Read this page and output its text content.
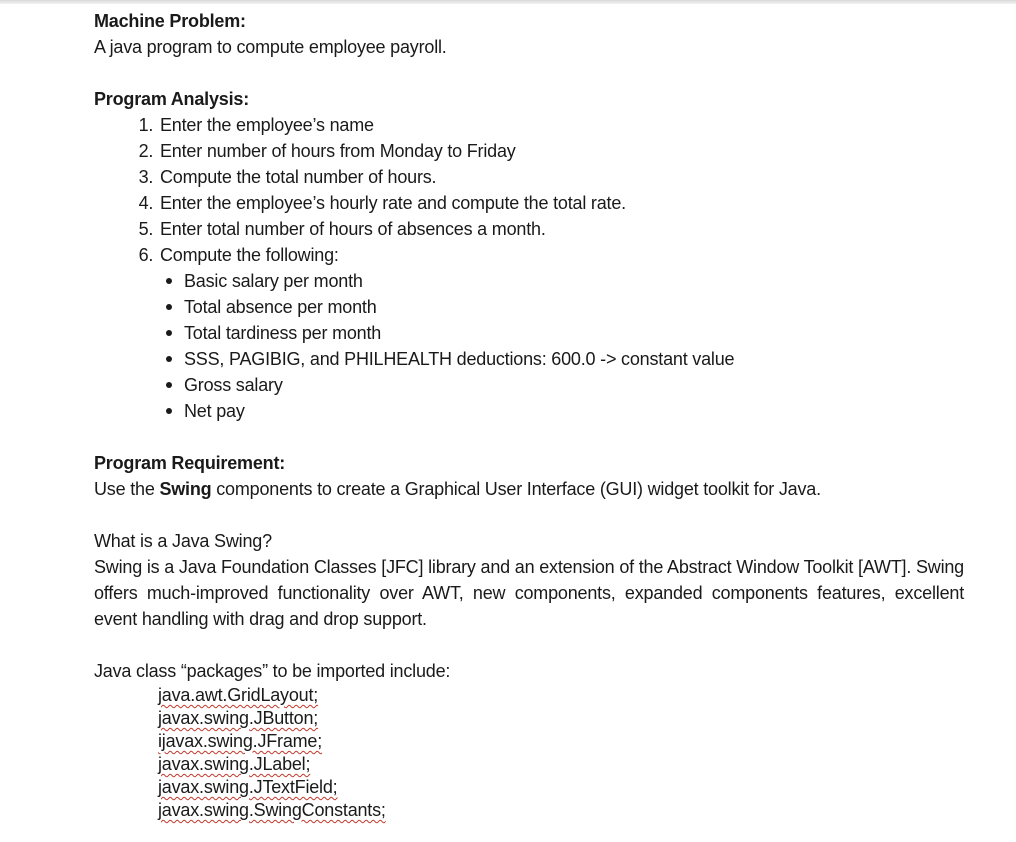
Machine Problem:

A java program to compute employee payroll.

Program Analysis:

1. Enter the employee’s name
2. Enter number of hours from Monday to Friday
3. Compute the total number of hours.
4. Enter the employee’s hourly rate and compute the total rate.
5. Enter total number of hours of absences a month.
6. Compute the following:
Basic salary per month
Total absence per month
Total tardiness per month
SSS, PAGIBIG, and PHILHEALTH deductions: 600.0 -> constant value
Gross salary
Net pay

Program Requirement:

Use the Swing components to create a Graphical User Interface (GUI) widget toolkit for Java.

What is a Java Swing?

Swing is a Java Foundation Classes [JFC] library and an extension of the Abstract Window Toolkit [AWT]. Swing offers much-improved functionality over AWT, new components, expanded components features, excellent event handling with drag and drop support.

Java class “packages” to be imported include:

java.awt.GridLayout;
javax.swing.JButton;
ijavax.swing.JFrame;
javax.swing.JLabel;
javax.swing.JTextField;
javax.swing.SwingConstants;
